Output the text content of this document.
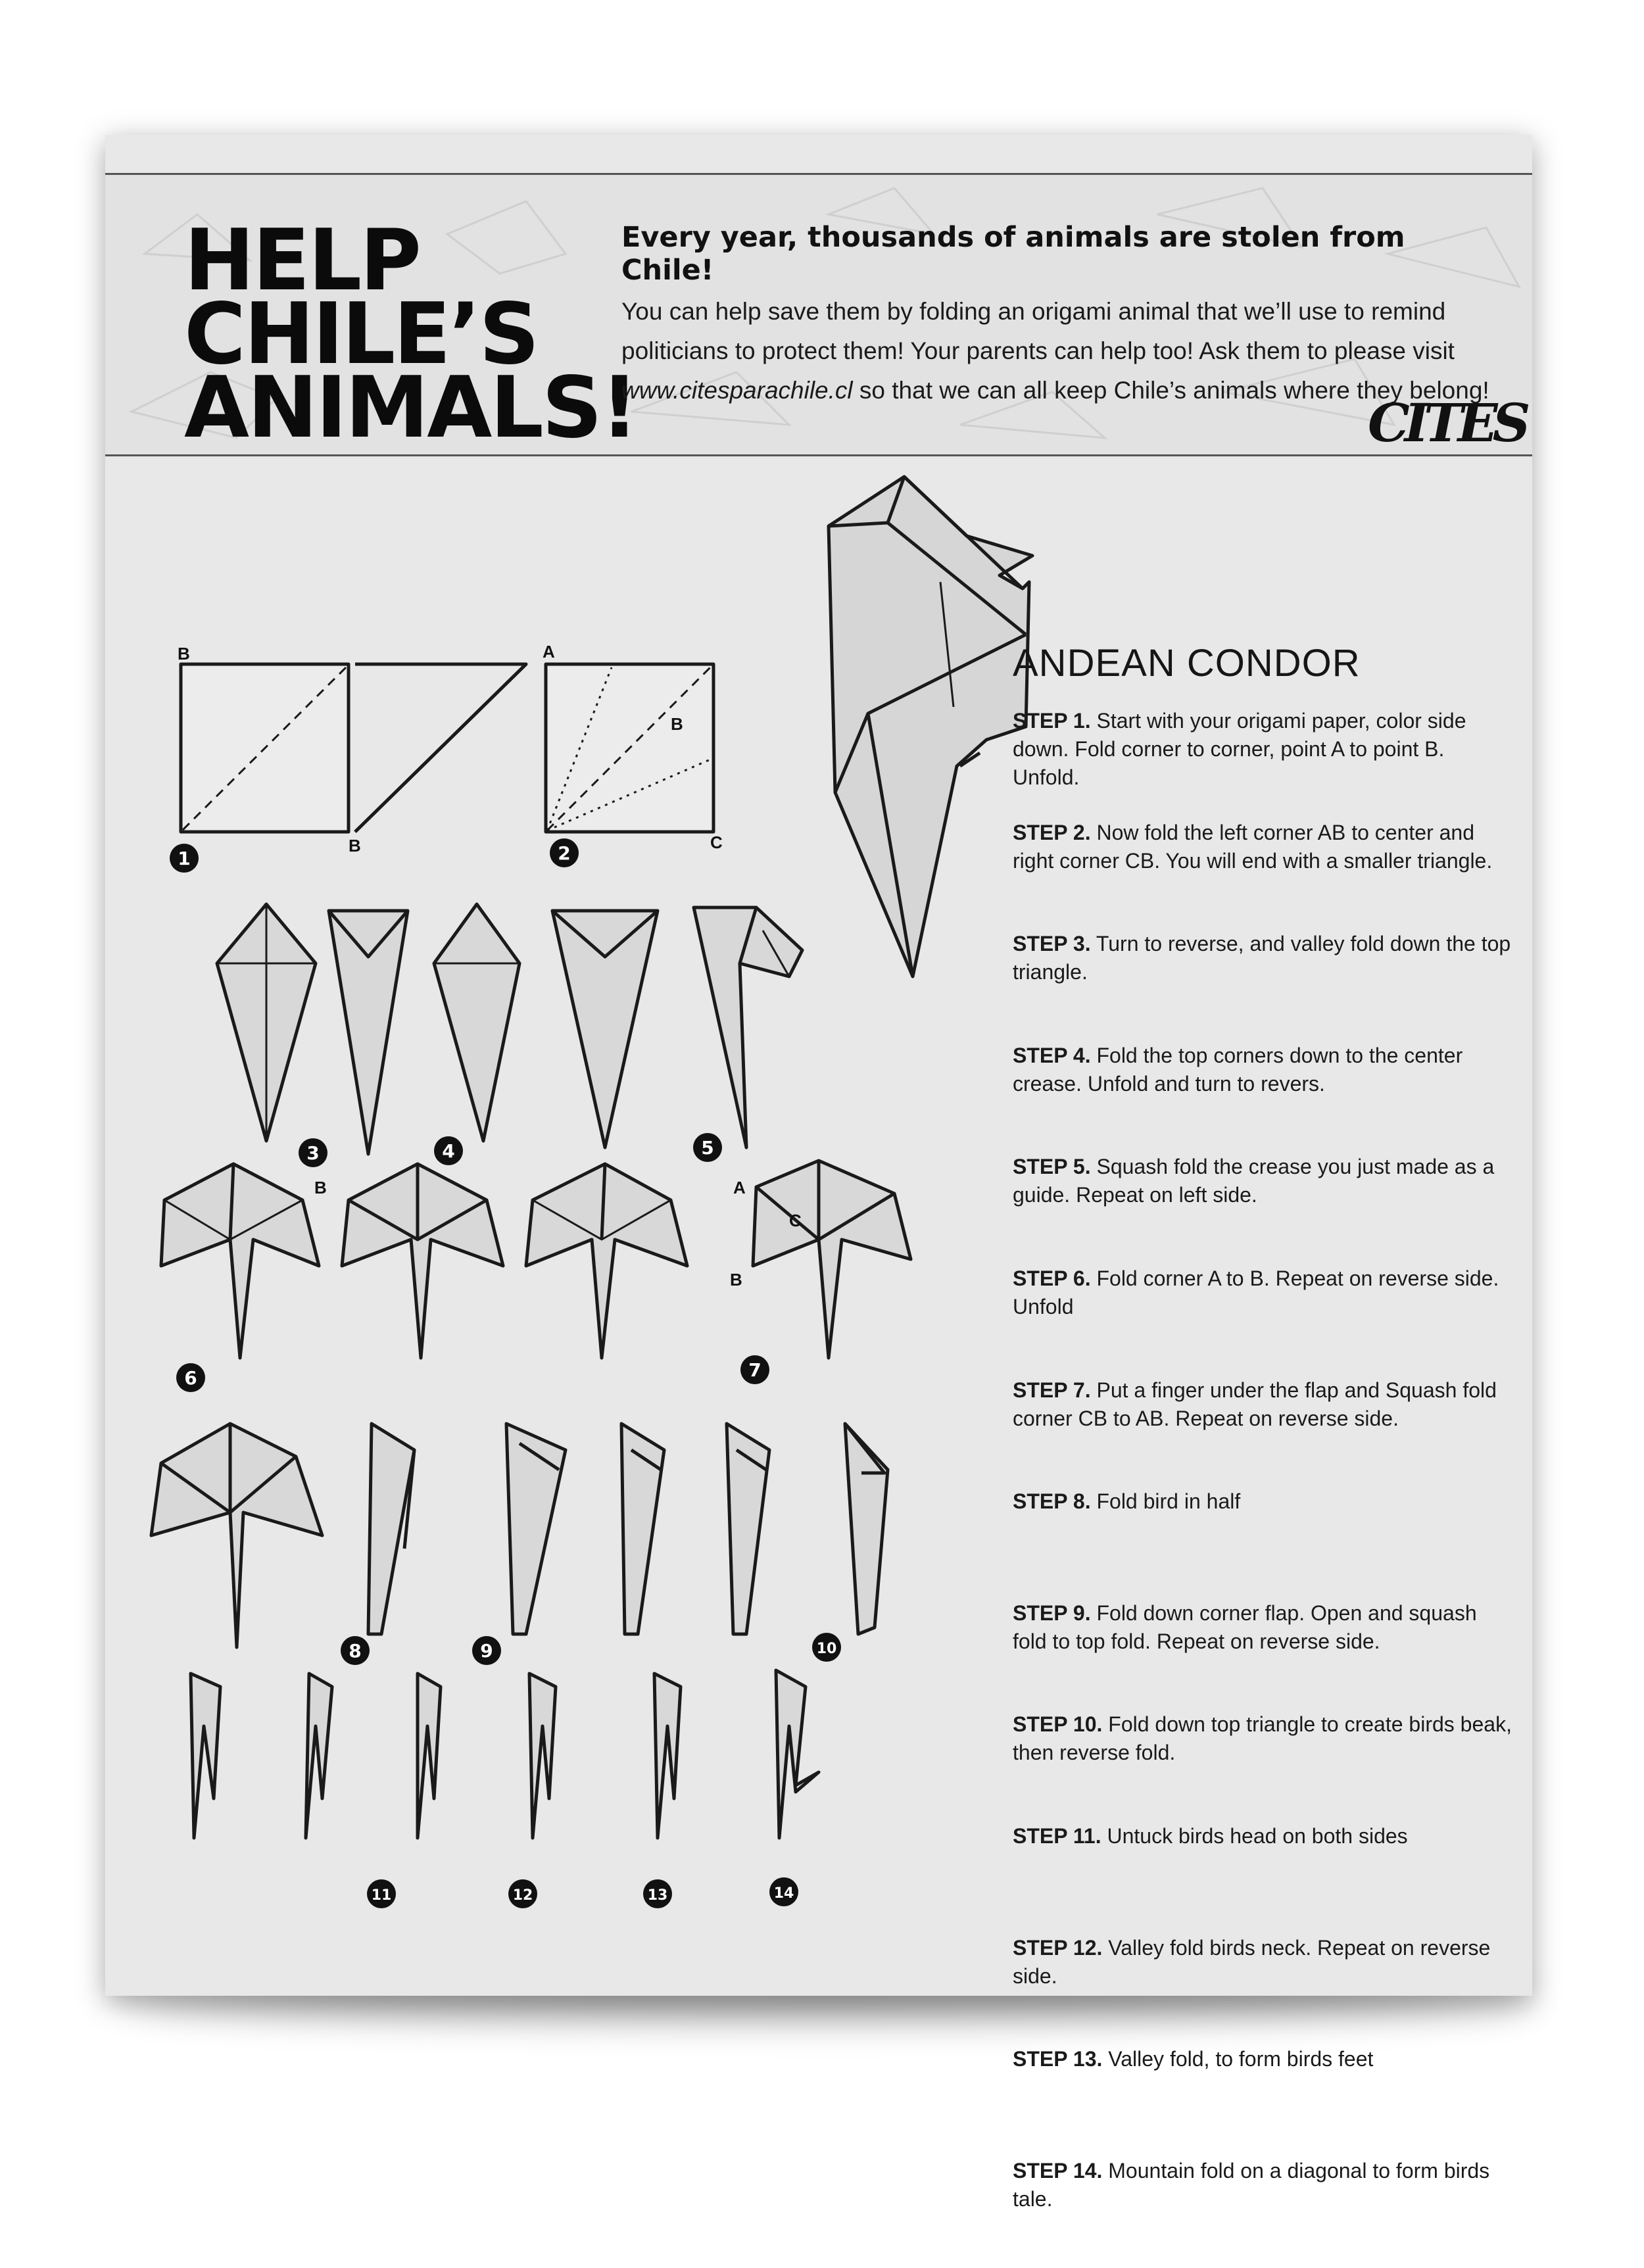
HELP
CHILE’S
ANIMALS!

Every year, thousands of animals are stolen from Chile!

You can help save them by folding an origami animal that we’ll use to remind politicians to protect them! Your parents can help too! Ask them to please visit www.citesparachile.cl so that we can all keep Chile’s animals where they belong!

CITES
B
B
A
B
C
B	A
C
B
1	2
3	4	5
6	7
8	9	10
11	12	13	14
ANDEAN CONDOR
STEP 1. Start with your origami paper, color side down. Fold corner to corner, point A to point B. Unfold.
STEP 2. Now fold the left corner AB to center and right corner CB. You will end with a smaller triangle.
STEP 3. Turn to reverse, and valley fold down the top triangle.
STEP 4. Fold the top corners down to the center crease. Unfold and turn to revers.
STEP 5. Squash fold the crease you just made as a guide. Repeat on left side.
STEP 6. Fold corner A to B. Repeat on reverse side. Unfold
STEP 7. Put a finger under the flap and Squash fold corner CB to AB. Repeat on reverse side.
STEP 8. Fold bird in half
STEP 9. Fold down corner flap. Open and squash fold to top fold. Repeat on reverse side.
STEP 10. Fold down top triangle to create birds beak, then reverse fold.
STEP 11. Untuck birds head on both sides
STEP 12. Valley fold birds neck. Repeat on reverse side.
STEP 13. Valley fold, to form birds feet
STEP 14. Mountain fold on a diagonal to form birds tale.
